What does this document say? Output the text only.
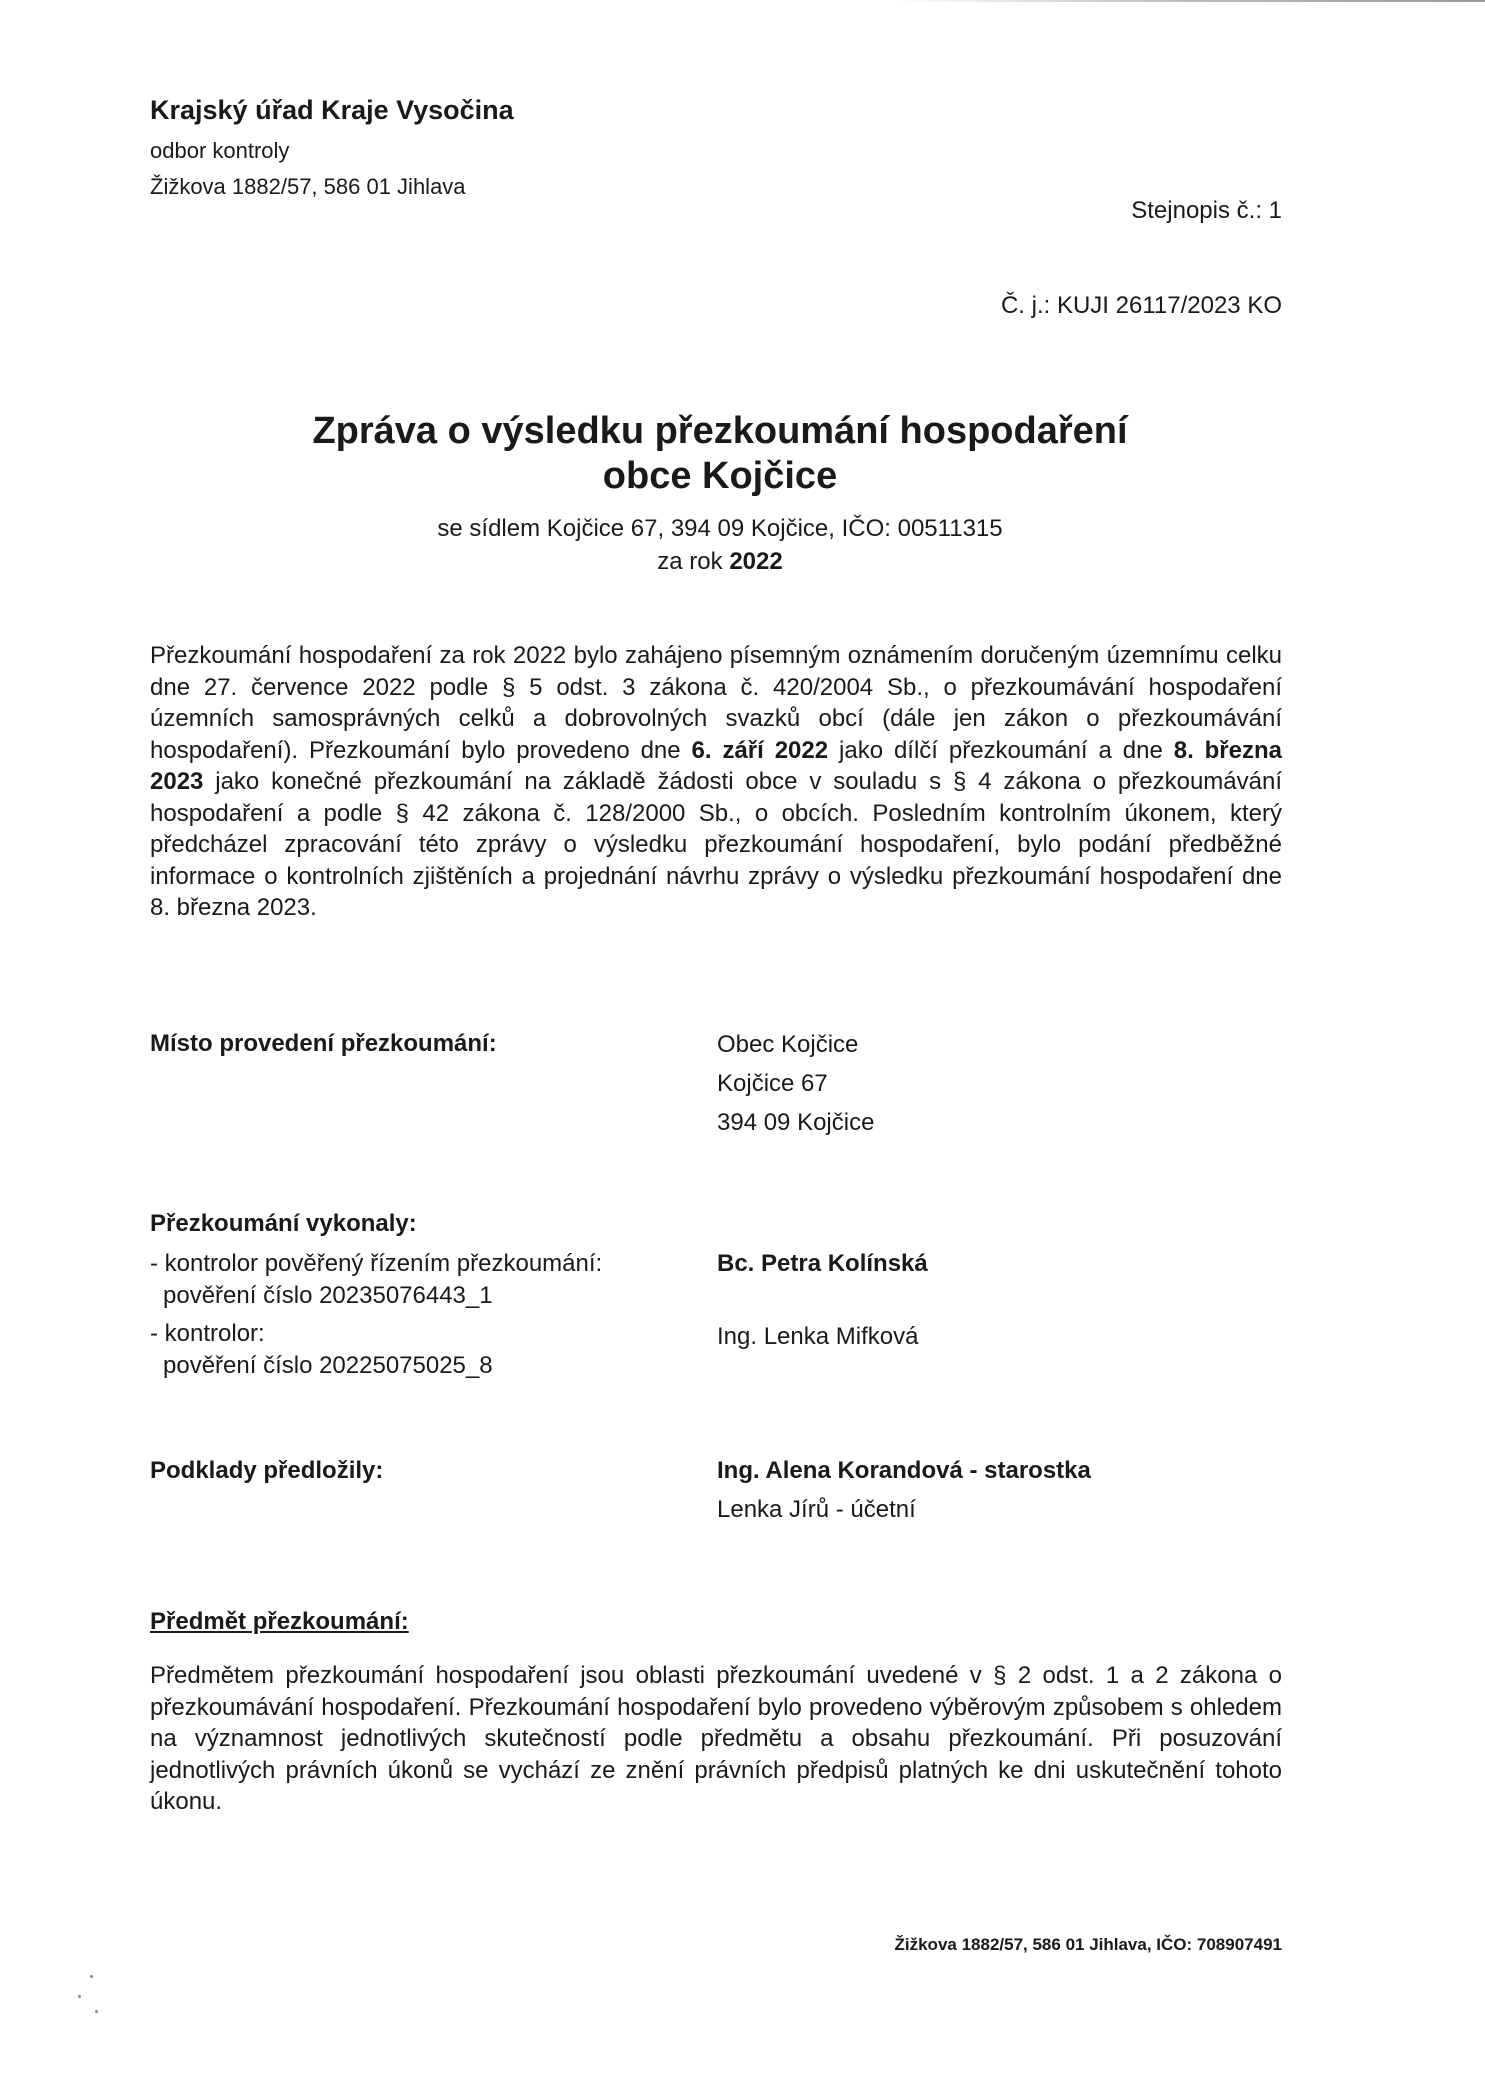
Krajský úřad Kraje Vysočina
odbor kontroly
Žižkova 1882/57, 586 01 Jihlava
Stejnopis č.: 1
Č. j.: KUJI 26117/2023 KO
Zpráva o výsledku přezkoumání hospodaření
obce Kojčice
se sídlem Kojčice 67, 394 09 Kojčice, IČO: 00511315
za rok 2022
Přezkoumání hospodaření za rok 2022 bylo zahájeno písemným oznámením doručeným územnímu celku dne 27. července 2022 podle § 5 odst. 3 zákona č. 420/2004 Sb., o přezkoumávání hospodaření územních samosprávných celků a dobrovolných svazků obcí (dále jen zákon o přezkoumávání hospodaření). Přezkoumání bylo provedeno dne 6. září 2022 jako dílčí přezkoumání a dne 8. března 2023 jako konečné přezkoumání na základě žádosti obce v souladu s § 4 zákona o přezkoumávání hospodaření a podle § 42 zákona č. 128/2000 Sb., o obcích. Posledním kontrolním úkonem, který předcházel zpracování této zprávy o výsledku přezkoumání hospodaření, bylo podání předběžné informace o kontrolních zjištěních a projednání návrhu zprávy o výsledku přezkoumání hospodaření dne 8. března 2023.
Místo provedení přezkoumání:	Obec Kojčice
Kojčice 67
394 09 Kojčice
Přezkoumání vykonaly:
- kontrolor pověřený řízením přezkoumání:
pověření číslo 20235076443_1
Bc. Petra Kolínská
- kontrolor:
pověření číslo 20225075025_8
Ing. Lenka Mifková
Podklady předložily:	Ing. Alena Korandová - starostka
Lenka Jírů - účetní
Předmět přezkoumání:
Předmětem přezkoumání hospodaření jsou oblasti přezkoumání uvedené v § 2 odst. 1 a 2 zákona o přezkoumávání hospodaření. Přezkoumání hospodaření bylo provedeno výběrovým způsobem s ohledem na významnost jednotlivých skutečností podle předmětu a obsahu přezkoumání. Při posuzování jednotlivých právních úkonů se vychází ze znění právních předpisů platných ke dni uskutečnění tohoto úkonu.
Žižkova 1882/57, 586 01 Jihlava, IČO: 708907491
